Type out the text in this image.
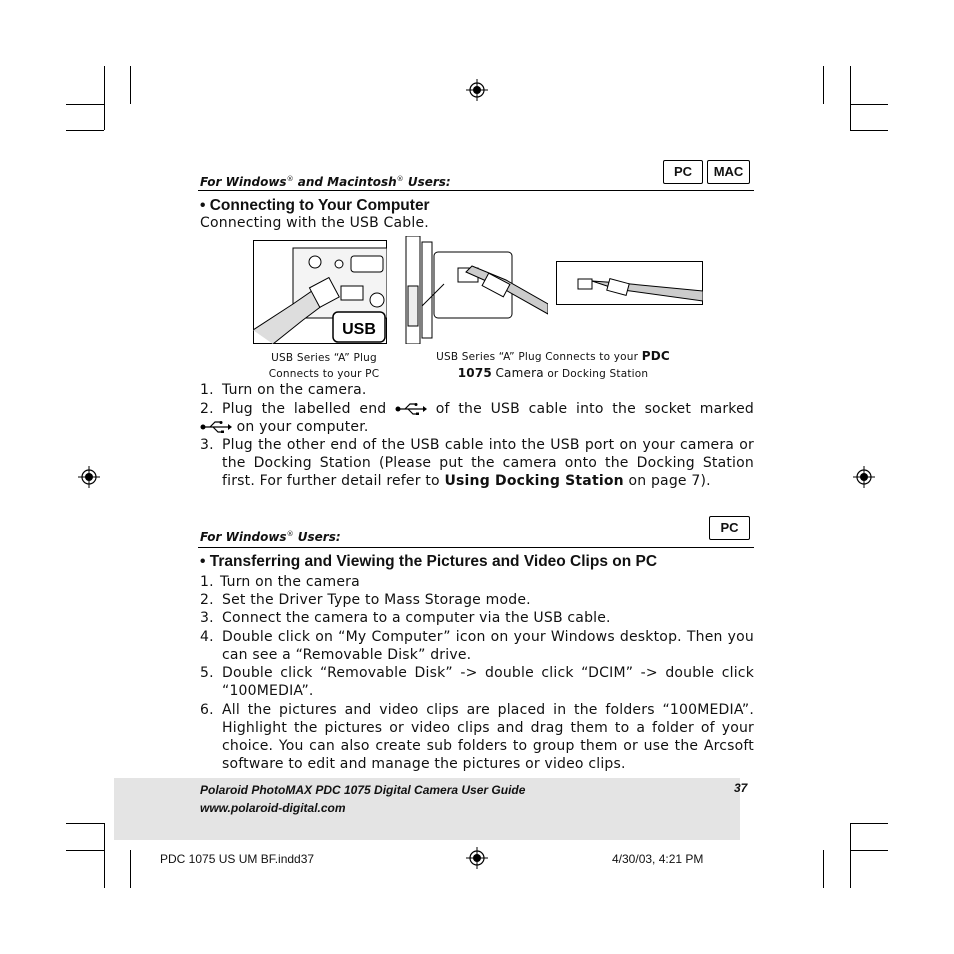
For Windows® and Macintosh® Users:
PC	MAC
• Connecting to Your Computer
Connecting with the USB Cable.
USB
USB Series “A” Plug
Connects to your PC
USB Series “A” Plug Connects to your PDC
1075 Camera or Docking Station
1. Turn on the camera.
2. Plug the labelled end	of the USB cable into the socket marked
on your computer.
3. Plug the other end of the USB cable into the USB port on your camera or the Docking Station (Please put the camera onto the Docking Station first. For further detail refer to Using Docking Station on page 7).
For Windows® Users:
PC
• Transferring and Viewing the Pictures and Video Clips on PC
1. Turn on the camera
2. Set the Driver Type to Mass Storage mode.
3. Connect the camera to a computer via the USB cable.
4. Double click on “My Computer” icon on your Windows desktop. Then you can see a “Removable Disk” drive.
5. Double click “Removable Disk” -> double click “DCIM” -> double click “100MEDIA”.
6. All the pictures and video clips are placed in the folders “100MEDIA”. Highlight the pictures or video clips and drag them to a folder of your choice. You can also create sub folders to group them or use the Arcsoft software to edit and manage the pictures or video clips.
Polaroid PhotoMAX PDC 1075 Digital Camera User Guide
www.polaroid-digital.com
37
PDC 1075 US UM BF.indd37	4/30/03, 4:21 PM
